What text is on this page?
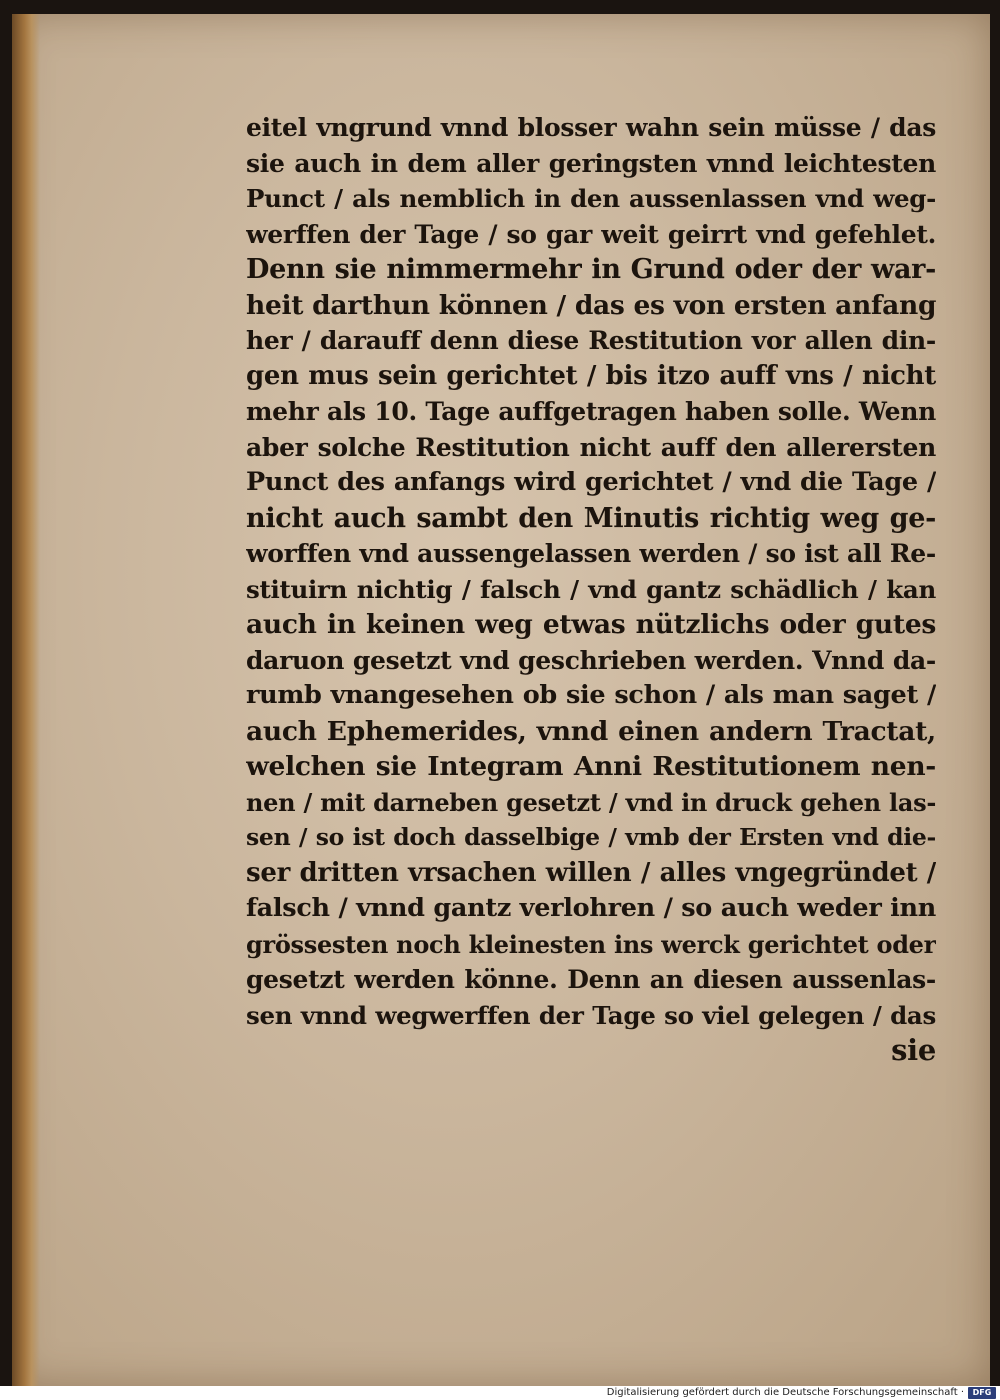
eitel vngrund vnnd blosser wahn sein müsse / das
sie auch in dem aller geringsten vnnd leichtesten
Punct / als nemblich in den aussenlassen vnd weg-
werffen der Tage / so gar weit geirrt vnd gefehlet.
Denn sie nimmermehr in Grund oder der war-
heit darthun können / das es von ersten anfang
her / darauff denn diese Restitution vor allen din-
gen mus sein gerichtet / bis itzo auff vns / nicht
mehr als 10. Tage auffgetragen haben solle. Wenn
aber solche Restitution nicht auff den allerersten
Punct des anfangs wird gerichtet / vnd die Tage /
nicht auch sambt den Minutis richtig weg ge-
worffen vnd aussengelassen werden / so ist all Re-
stituirn nichtig / falsch / vnd gantz schädlich / kan
auch in keinen weg etwas nützlichs oder gutes
daruon gesetzt vnd geschrieben werden. Vnnd da-
rumb vnangesehen ob sie schon / als man saget /
auch Ephemerides, vnnd einen andern Tractat,
welchen sie Integram Anni Restitutionem nen-
nen / mit darneben gesetzt / vnd in druck gehen las-
sen / so ist doch dasselbige / vmb der Ersten vnd die-
ser dritten vrsachen willen / alles vngegründet /
falsch / vnnd gantz verlohren / so auch weder inn
grössesten noch kleinesten ins werck gerichtet oder
gesetzt werden könne. Denn an diesen aussenlas-
sen vnnd wegwerffen der Tage so viel gelegen / das
sie
Digitalisierung gefördert durch die Deutsche Forschungsgemeinschaft ·	DFG
